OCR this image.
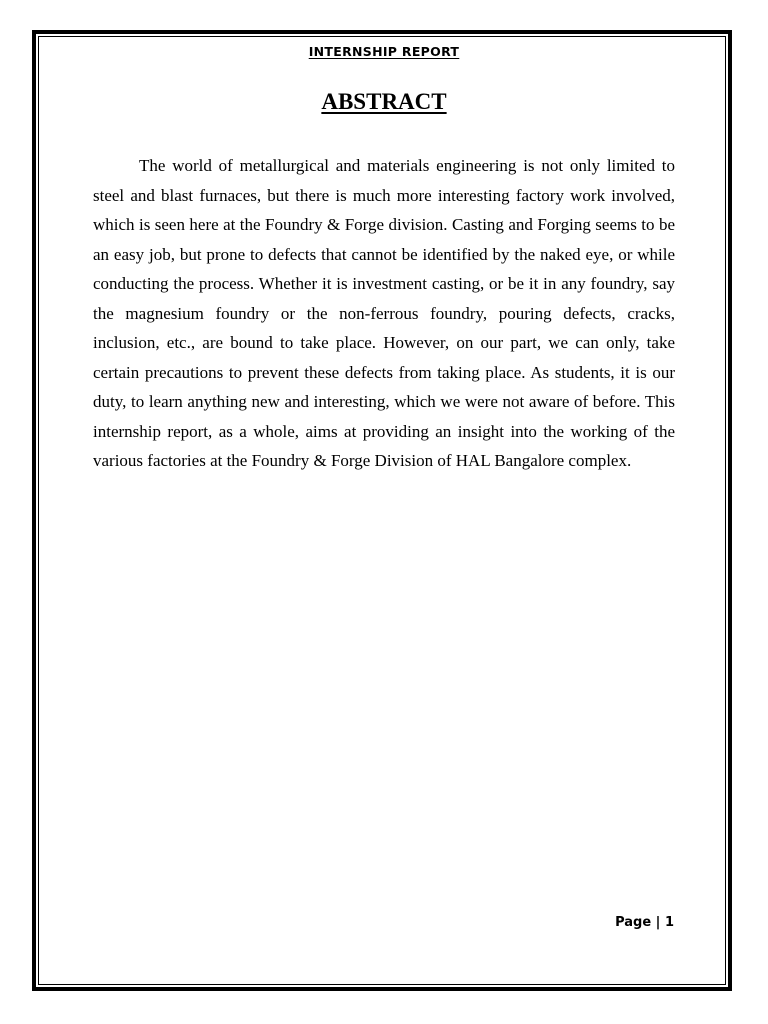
INTERNSHIP REPORT
ABSTRACT

The world of metallurgical and materials engineering is not only limited to steel and blast furnaces, but there is much more interesting factory work involved, which is seen here at the Foundry & Forge division. Casting and Forging seems to be an easy job, but prone to defects that cannot be identified by the naked eye, or while conducting the process. Whether it is investment casting, or be it in any foundry, say the magnesium foundry or the non-ferrous foundry, pouring defects, cracks, inclusion, etc., are bound to take place. However, on our part, we can only, take certain precautions to prevent these defects from taking place. As students, it is our duty, to learn anything new and interesting, which we were not aware of before. This internship report, as a whole, aims at providing an insight into the working of the various factories at the Foundry & Forge Division of HAL Bangalore complex.

Page | 1
